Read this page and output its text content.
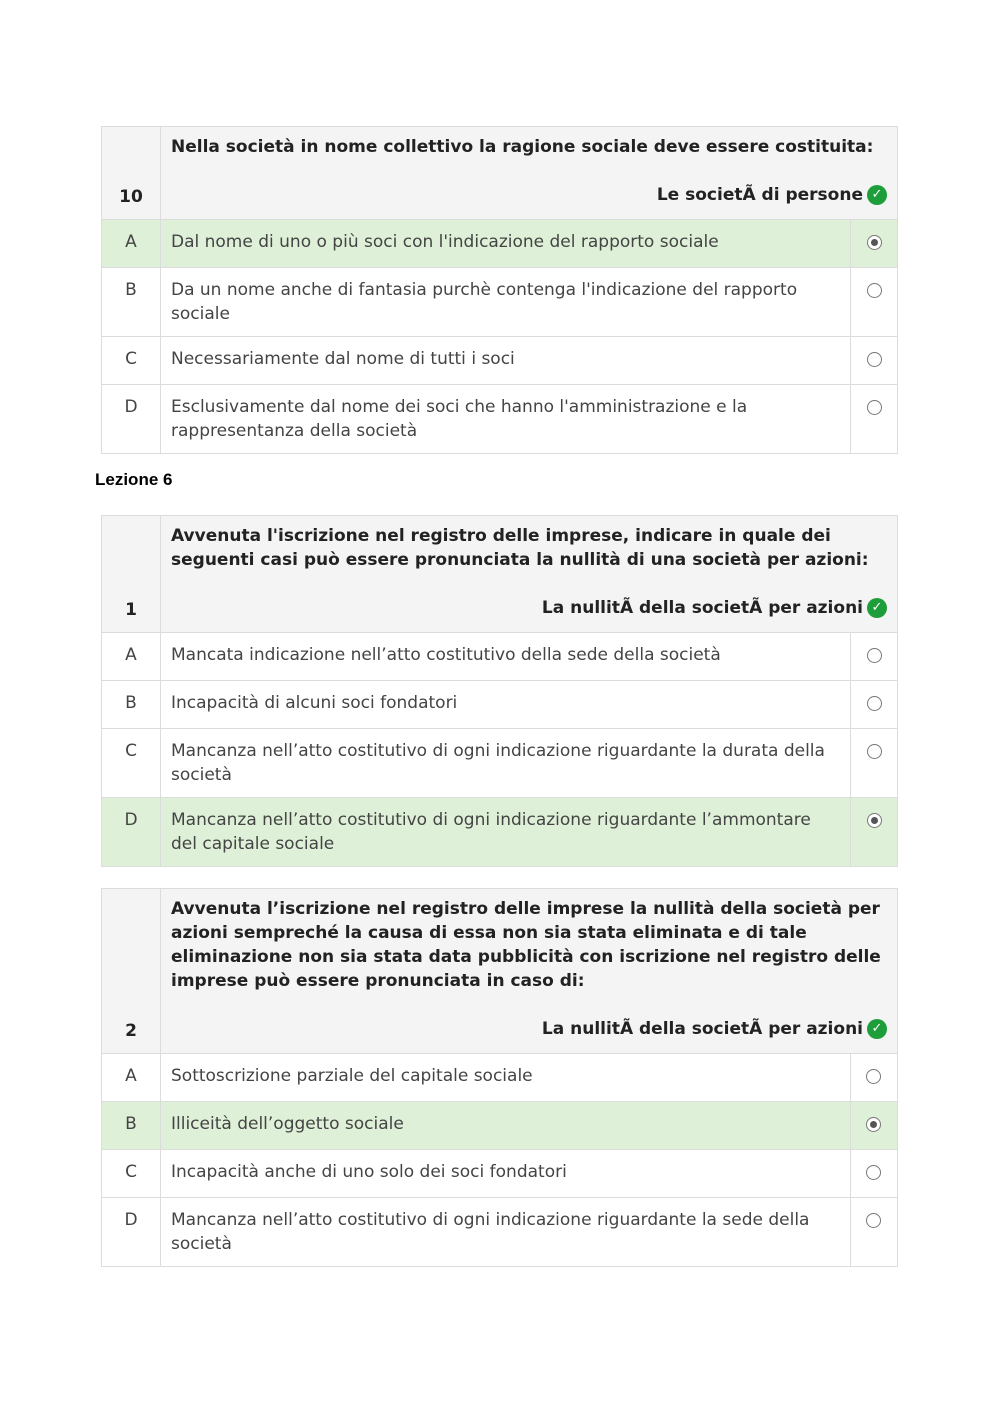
10	Nella società in nome collettivo la ragione sociale deve essere costituita:

Le societÃ di persone ✓	

A	Dal nome di uno o più soci con l'indicazione del rapporto sociale	
B	Da un nome anche di fantasia purchè contenga l'indicazione del rapporto sociale	
C	Necessariamente dal nome di tutti i soci	
D	Esclusivamente dal nome dei soci che hanno l'amministrazione e la rappresentanza della società	
Lezione 6
1	Avvenuta l'iscrizione nel registro delle imprese, indicare in quale dei seguenti casi può essere pronunciata la nullità di una società per azioni:

La nullitÃ della societÃ per azioni ✓	

A	Mancata indicazione nell’atto costitutivo della sede della società	
B	Incapacità di alcuni soci fondatori	
C	Mancanza nell’atto costitutivo di ogni indicazione riguardante la durata della società	
D	Mancanza nell’atto costitutivo di ogni indicazione riguardante l’ammontare del capitale sociale	
2	Avvenuta l’iscrizione nel registro delle imprese la nullità della società per azioni sempreché la causa di essa non sia stata eliminata e di tale eliminazione non sia stata data pubblicità con iscrizione nel registro delle imprese può essere pronunciata in caso di:

La nullitÃ della societÃ per azioni ✓	

A	Sottoscrizione parziale del capitale sociale	
B	Illiceità dell’oggetto sociale	
C	Incapacità anche di uno solo dei soci fondatori	
D	Mancanza nell’atto costitutivo di ogni indicazione riguardante la sede della società	
